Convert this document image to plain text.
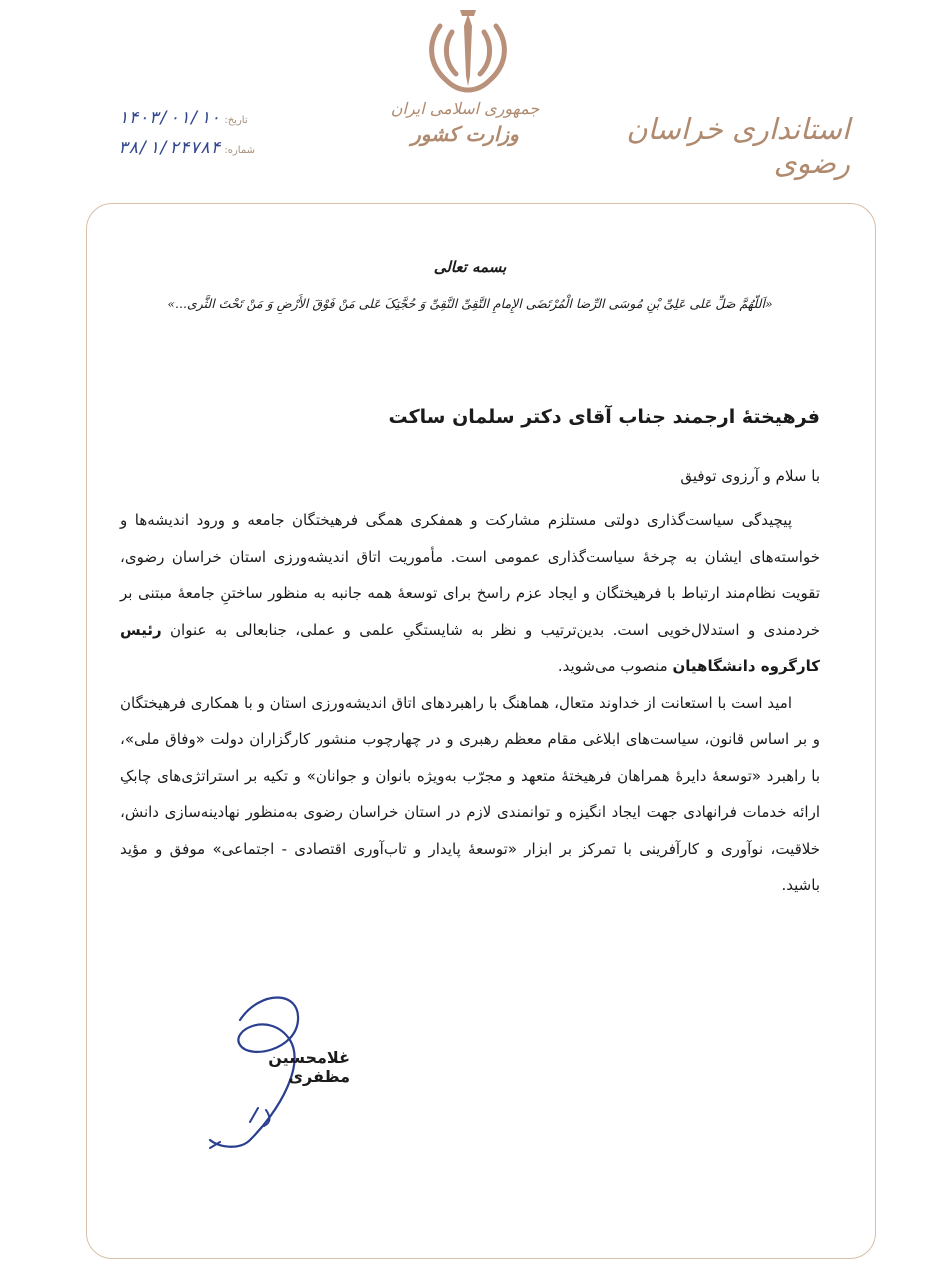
جمهوری اسلامی ایران
وزارت کشور	استانداری خراسان رضوی
۱۴۰۳/۰۱/۱۰ تاریخ:
۳۸/۱/۲۴۷۸۴ شماره:
بسمه تعالی
«اَللّهُمَّ صَلِّ عَلی عَلِیِّ بْنِ مُوسَی الرِّضا الْمُرْتَضَی الإِمامِ التَّقِیِّ النَّقِیِّ وَ حُجَّتِکَ عَلی مَنْ فَوْقَ الأَرْضِ وَ مَنْ تَحْتَ الثَّری...»
فرهیختهٔ ارجمند جناب آقای دکتر سلمان ساکت
با سلام و آرزوی توفیق

پیچیدگی سیاست‌گذاری دولتی مستلزم مشارکت و همفکری همگی فرهیختگان جامعه و ورود اندیشه‌ها و خواسته‌های ایشان به چرخهٔ سیاست‌گذاری عمومی است. مأموریت اتاق اندیشه‌ورزی استان خراسان رضوی، تقویت نظام‌مند ارتباط با فرهیختگان و ایجاد عزم راسخ برای توسعهٔ همه جانبه به منظور ساختنِ جامعهٔ مبتنی بر خردمندی و استدلال‌خویی است. بدین‌ترتیب و نظر به شایستگیِ علمی و عملی، جنابعالی به عنوان رئیس کارگروه دانشگاهیان منصوب می‌شوید.

امید است با استعانت از خداوند متعال، هماهنگ با راهبردهای اتاق اندیشه‌ورزی استان و با همکاری فرهیختگان و بر اساس قانون، سیاست‌های ابلاغی مقام معظم رهبری و در چهارچوب منشور کارگزاران دولت «وفاق ملی»، با راهبرد «توسعهٔ دایرهٔ همراهان فرهیختهٔ متعهد و مجرّب به‌ویژه بانوان و جوانان» و تکیه بر استراتژی‌های چابکِ ارائه خدمات فرانهادی جهت ایجاد انگیزه و توانمندی لازم در استان خراسان رضوی به‌منظور نهادینه‌سازی دانش، خلاقیت، نوآوری و کارآفرینی با تمرکز بر ابزار «توسعهٔ پایدار و تاب‌آوری اقتصادی - اجتماعی» موفق و مؤید باشید.

غلامحسین مظفری
